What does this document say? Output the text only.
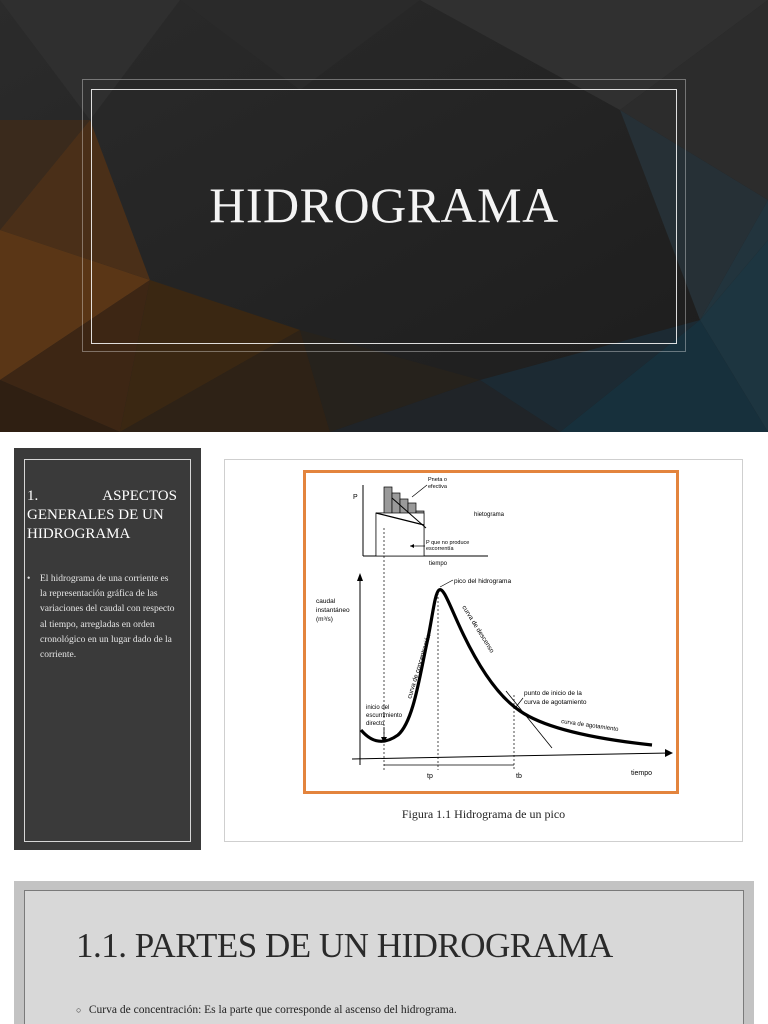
HIDROGRAMA
1.	ASPECTOS

GENERALES DE UN HIDROGRAMA
•	El hidrograma de una corriente es la representación gráfica de las variaciones del caudal con respecto al tiempo, arregladas en orden cronológico en un lugar dado de la corriente.
P
Pneta o
efectiva
hietograma
P que no produce
escorrentía
tiempo
caudal
instantáneo
(m³/s)
pico del hidrograma
curva de concentración
curva de descenso
punto de inicio de la
curva de agotamiento
inicio del
escurrimiento
directo	curva de agotamiento
tp	tb	tiempo
Figura 1.1 Hidrograma de un pico
1.1. PARTES DE UN HIDROGRAMA
○ Curva de concentración: Es la parte que corresponde al ascenso del hidrograma.
